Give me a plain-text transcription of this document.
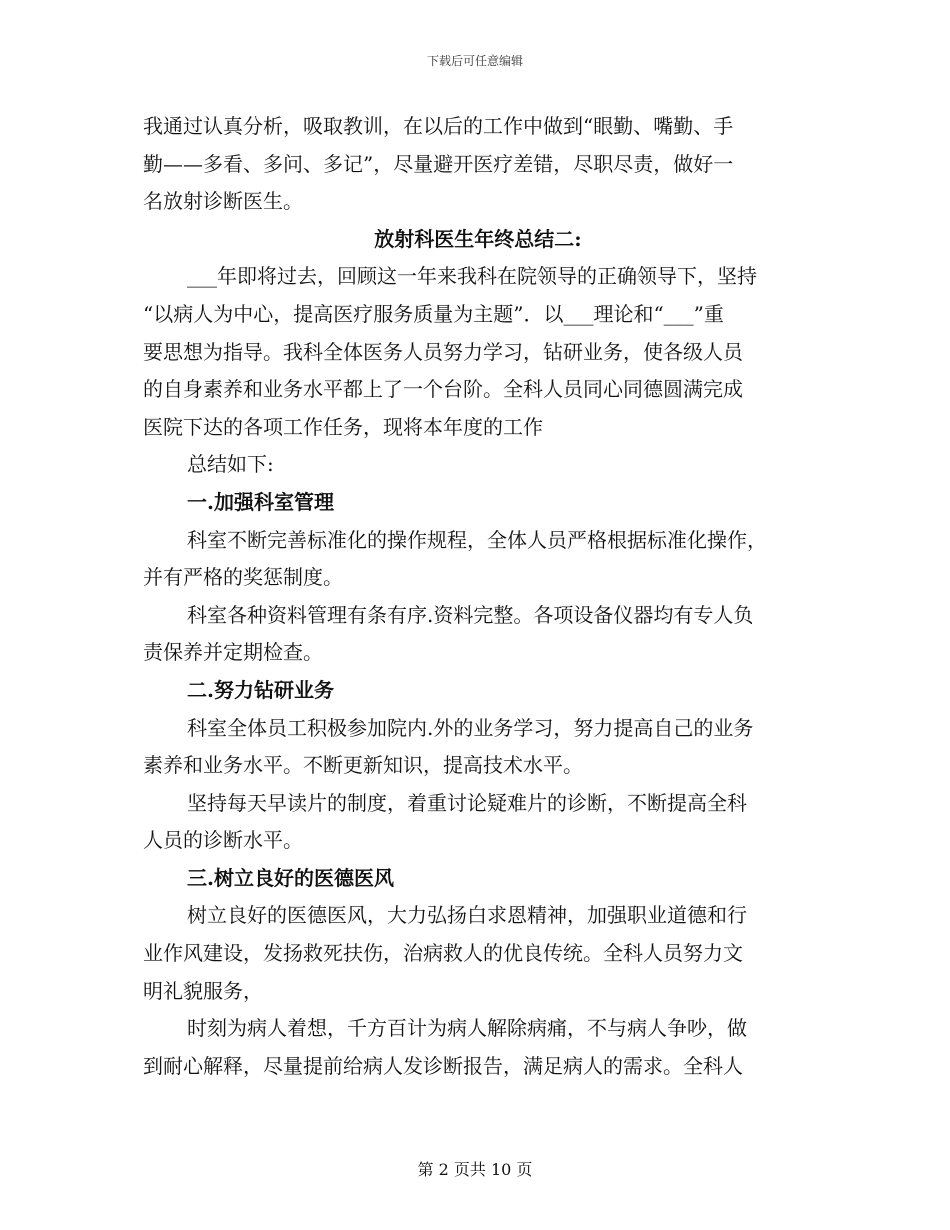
下载后可任意编辑
我通过认真分析，吸取教训，在以后的工作中做到“眼勤、嘴勤、手
勤——多看、多问、多记”，尽量避开医疗差错，尽职尽责，做好一
名放射诊断医生。
放射科医生年终总结二:
___年即将过去，回顾这一年来我科在院领导的正确领导下，坚持
“以病人为中心，提高医疗服务质量为主题”．以___理论和“___”重
要思想为指导。我科全体医务人员努力学习，钻研业务，使各级人员
的自身素养和业务水平都上了一个台阶。全科人员同心同德圆满完成
医院下达的各项工作任务，现将本年度的工作
总结如下:
一.加强科室管理
科室不断完善标准化的操作规程，全体人员严格根据标准化操作，
并有严格的奖惩制度。
科室各种资料管理有条有序.资料完整。各项设备仪器均有专人负
责保养并定期检查。
二.努力钻研业务
科室全体员工积极参加院内.外的业务学习，努力提高自己的业务
素养和业务水平。不断更新知识，提高技术水平。
坚持每天早读片的制度，着重讨论疑难片的诊断，不断提高全科
人员的诊断水平。
三.树立良好的医德医风
树立良好的医德医风，大力弘扬白求恩精神，加强职业道德和行
业作风建设，发扬救死扶伤，治病救人的优良传统。全科人员努力文
明礼貌服务，
时刻为病人着想，千方百计为病人解除病痛，不与病人争吵，做
到耐心解释，尽量提前给病人发诊断报告，满足病人的需求。全科人
第 2 页共 10 页
